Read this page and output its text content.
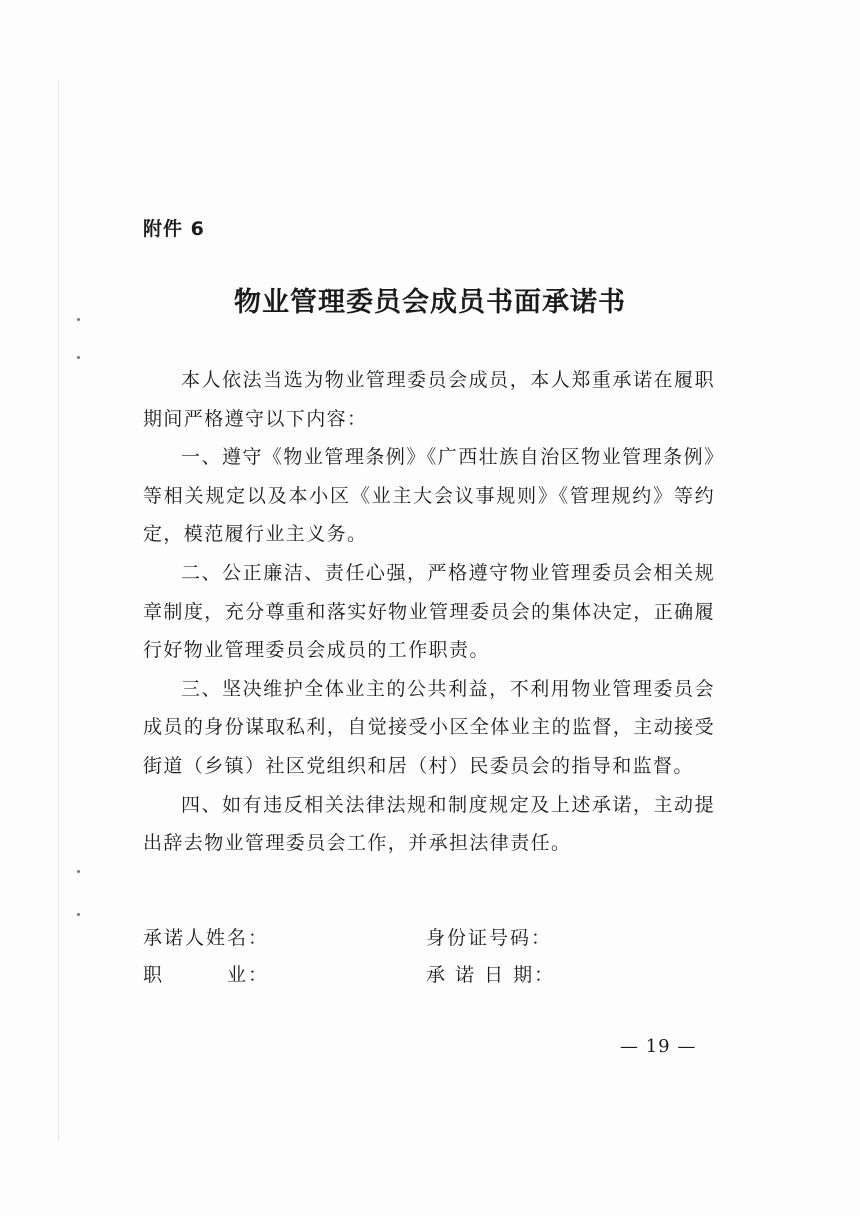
附件 6
物业管理委员会成员书面承诺书

本人依法当选为物业管理委员会成员，本人郑重承诺在履职期间严格遵守以下内容：

一、遵守《物业管理条例》《广西壮族自治区物业管理条例》等相关规定以及本小区《业主大会议事规则》《管理规约》等约定，模范履行业主义务。

二、公正廉洁、责任心强，严格遵守物业管理委员会相关规章制度，充分尊重和落实好物业管理委员会的集体决定，正确履行好物业管理委员会成员的工作职责。

三、坚决维护全体业主的公共利益，不利用物业管理委员会成员的身份谋取私利，自觉接受小区全体业主的监督，主动接受街道（乡镇）社区党组织和居（村）民委员会的指导和监督。

四、如有违反相关法律法规和制度规定及上述承诺，主动提出辞去物业管理委员会工作，并承担法律责任。

承诺人姓名：	身份证号码：
职　　　业：	承 诺 日 期：
— 19 —
